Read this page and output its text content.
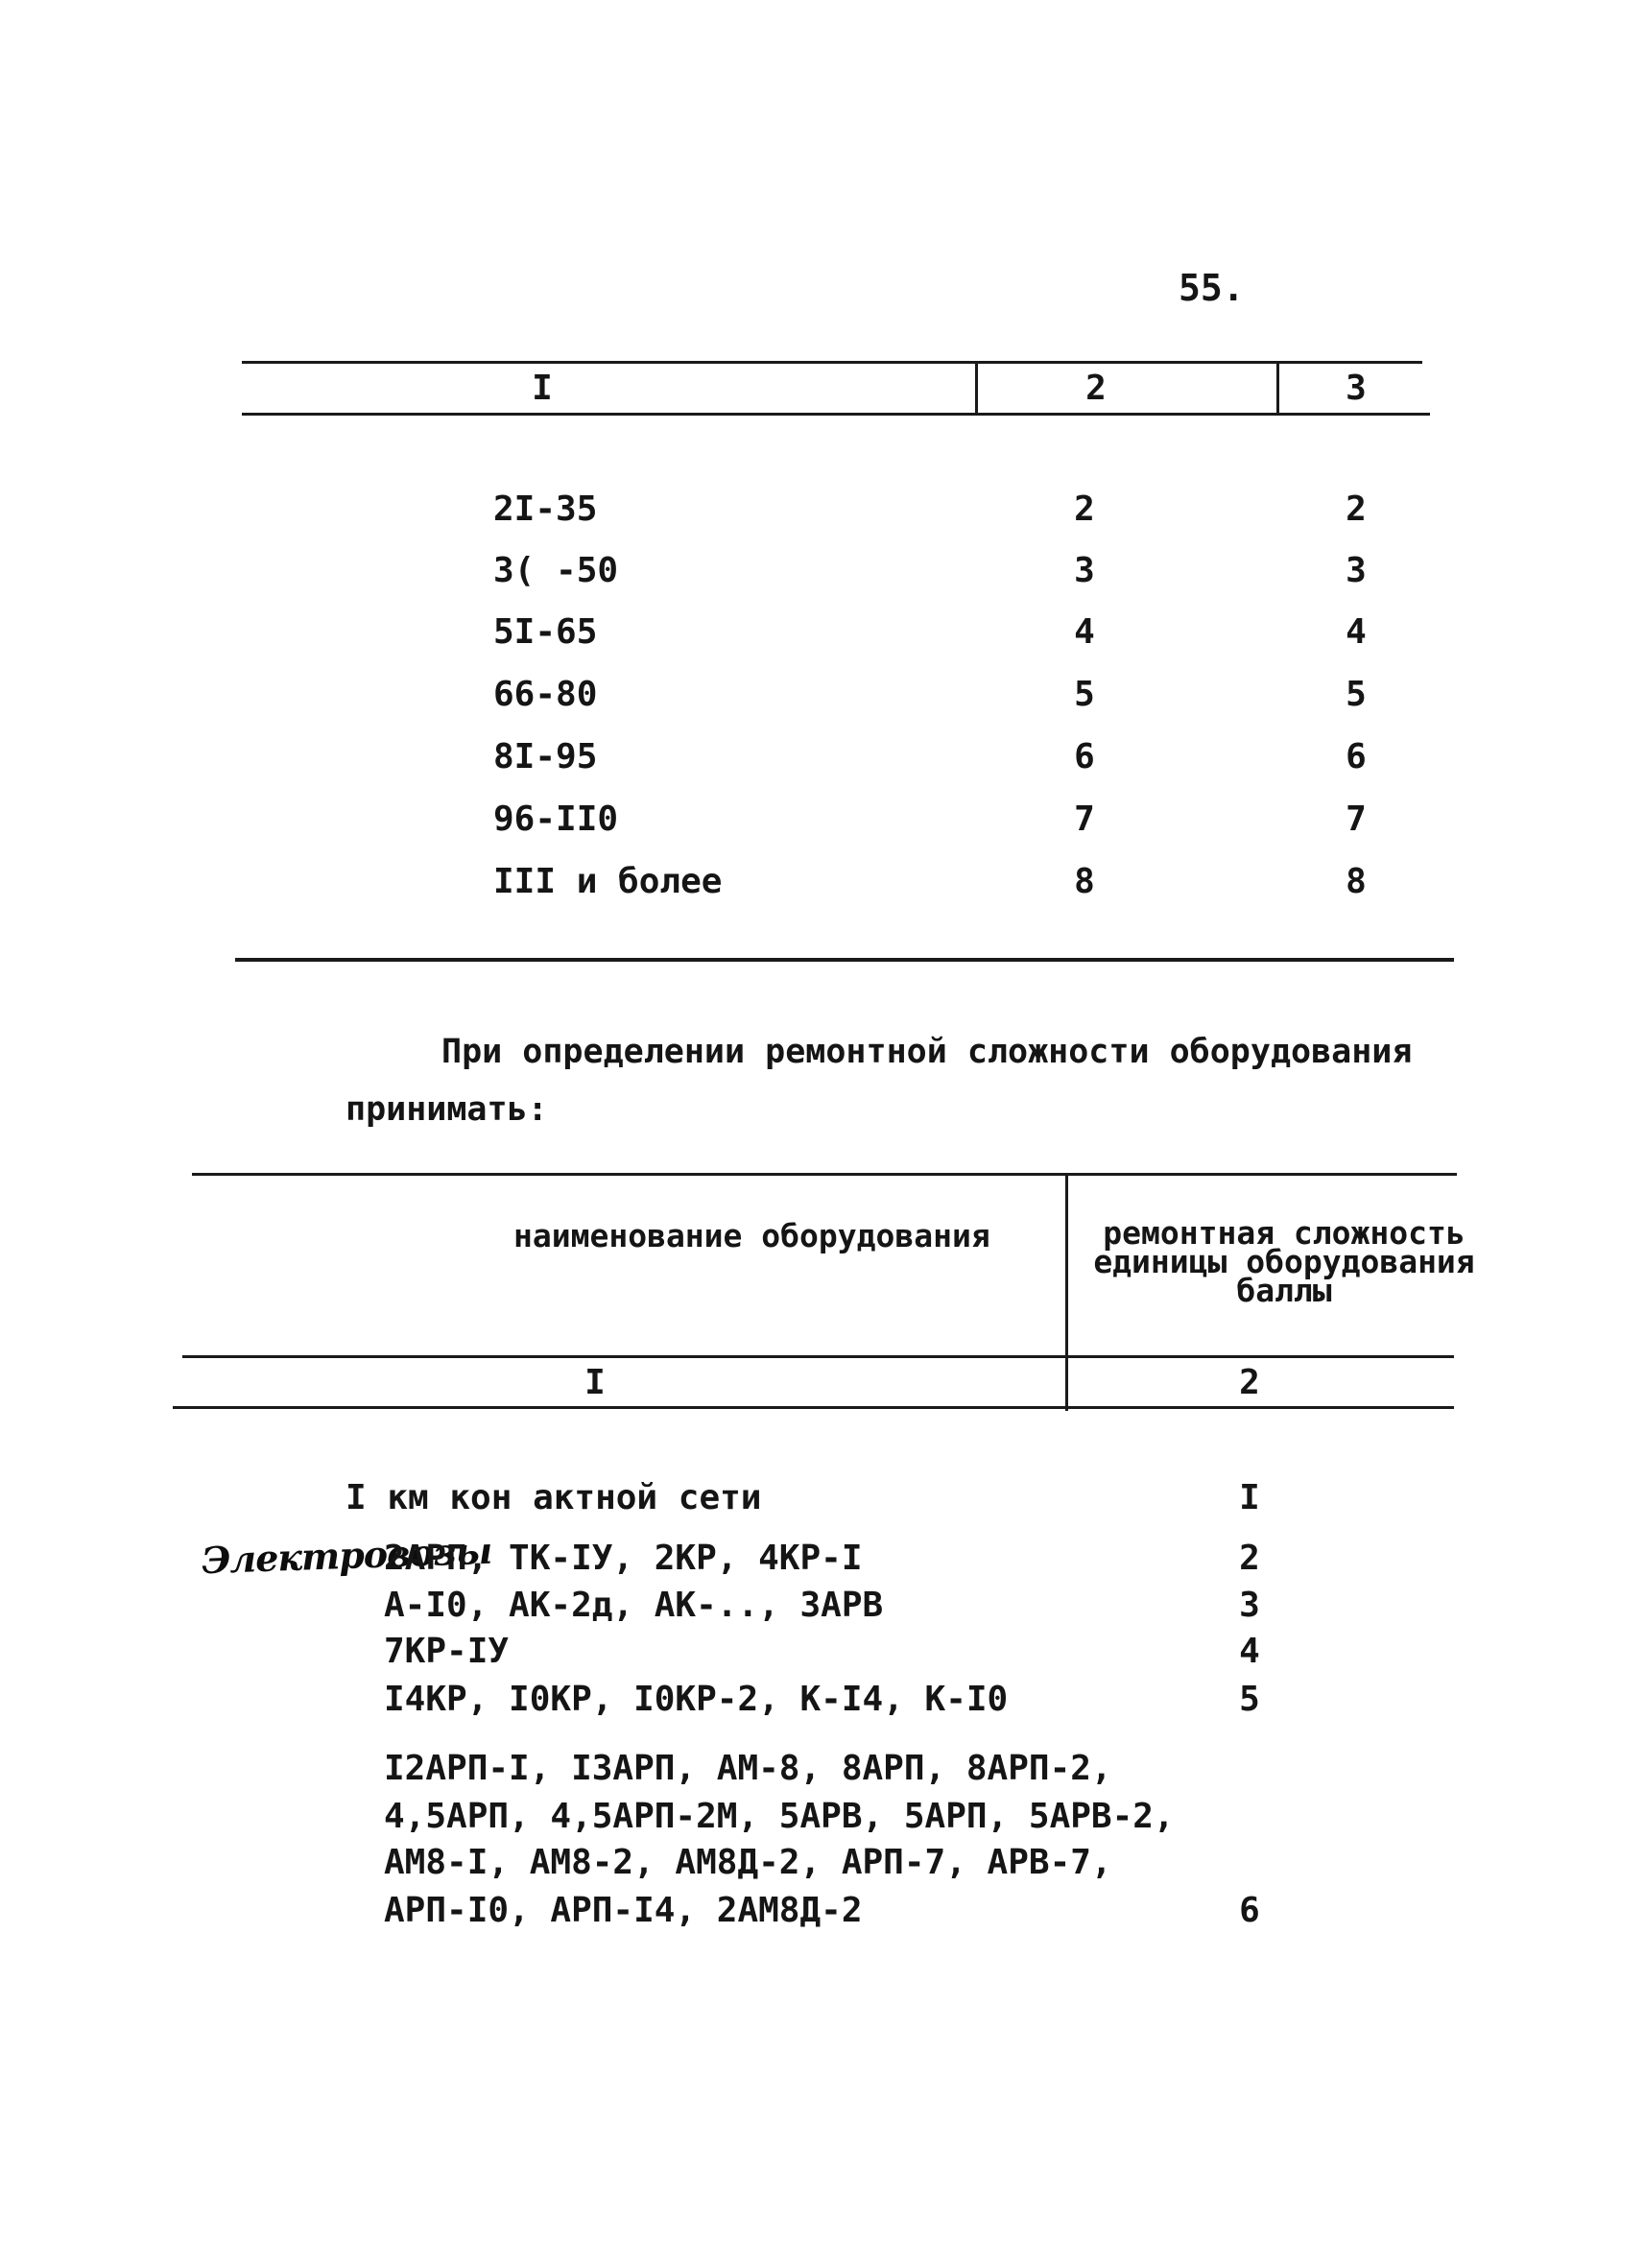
55.
I	2	3
2I-35	2	2
3( -50	3	3
5I-65	4	4
66-80	5	5
8I-95	6	6
96-II0	7	7
III и более	8	8
При определении ремонтной сложности оборудования
принимать:
наименование оборудования	ремонтная сложность
единицы оборудования
баллы
I	2
Электровозы
I км кон актной сети	I
2АРП, ТК-IУ, 2КР, 4КР-I	2
А-I0, АК-2д, АК-.., 3АРВ	3
7КР-IУ	4
I4КР, I0КР, I0КР-2, К-I4, К-I0	5
I2АРП-I, I3АРП, АМ-8, 8АРП, 8АРП-2,
4,5АРП, 4,5АРП-2М, 5АРВ, 5АРП, 5АРВ-2,
АМ8-I, АМ8-2, АМ8Д-2, АРП-7, АРВ-7,
АРП-I0, АРП-I4, 2АМ8Д-2	6
